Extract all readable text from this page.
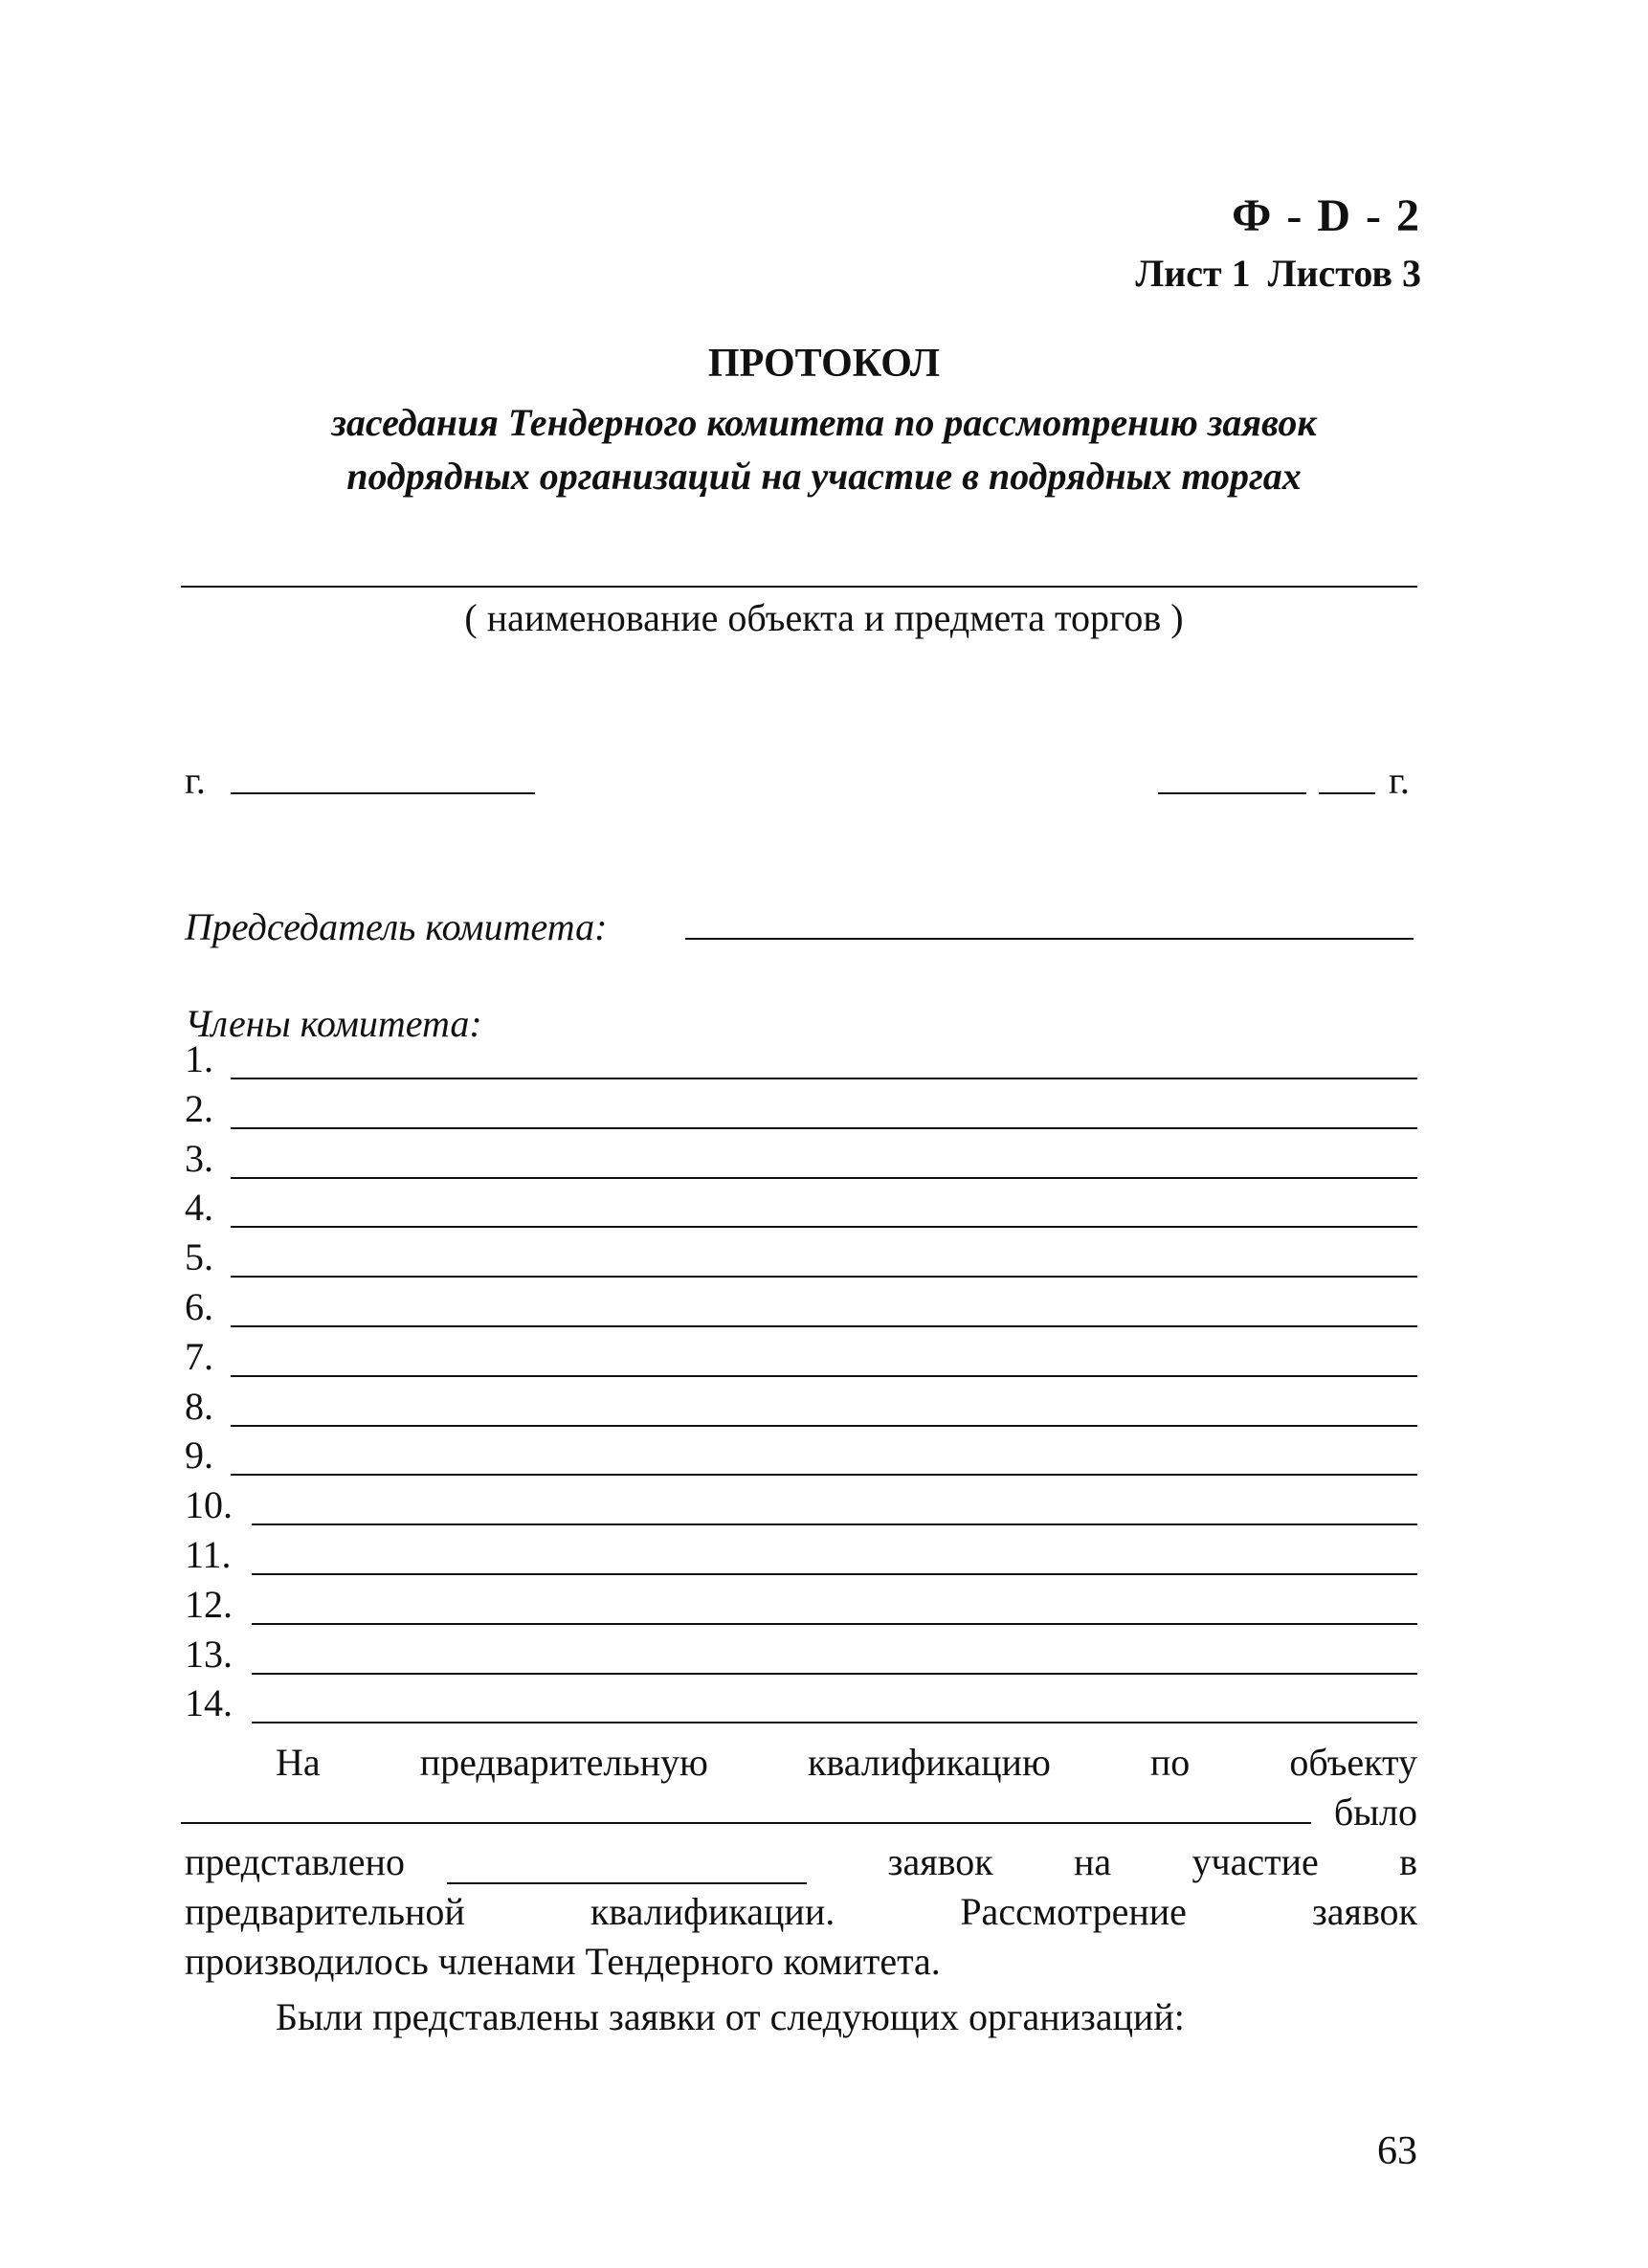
Ф - D - 2
Лист 1 Листов 3
ПРОТОКОЛ
заседания Тендерного комитета по рассмотрению заявок
подрядных организаций на участие в подрядных торгах
( наименование объекта и предмета торгов )
г.	г.
Председатель комитета:
Члены комитета:
1.
2.
3.
4.
5.
6.
7.
8.
9.
10.
11.
12.
13.
14.
На	предварительную	квалификацию	по	объекту
было
представлено	заявок на участие в
предварительной	квалификации.	Рассмотрение	заявок
производилось членами Тендерного комитета.
Были представлены заявки от следующих организаций:
63
